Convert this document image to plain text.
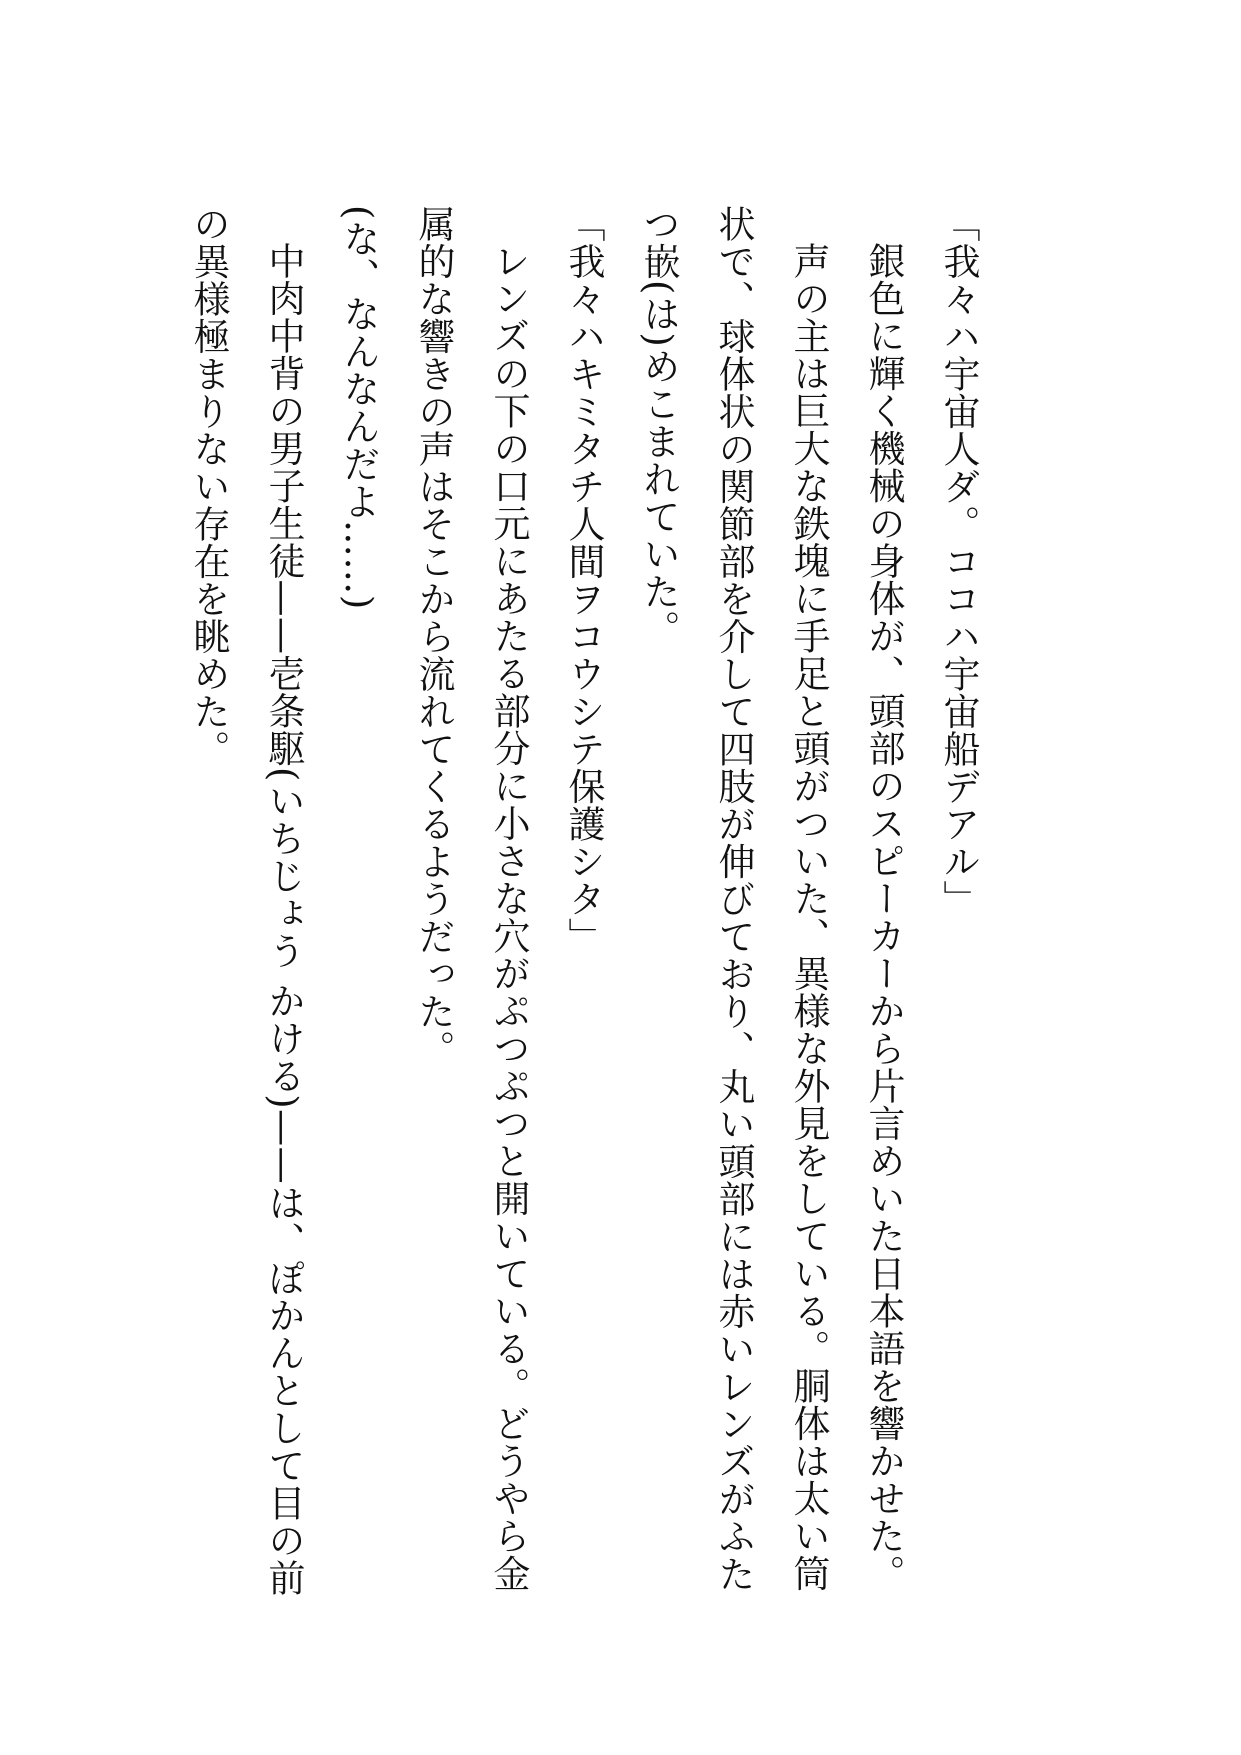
「我々ハ宇宙人ダ。ココハ宇宙船デアル」

銀色に輝く機械の身体が、頭部のスピーカーから片言めいた日本語を響かせた。

声の主は巨大な鉄塊に手足と頭がついた、異様な外見をしている。胴体は太い筒状で、球体状の関節部を介して四肢が伸びており、丸い頭部には赤いレンズがふたつ嵌(は)めこまれていた。

「我々ハキミタチ人間ヲコウシテ保護シタ」

レンズの下の口元にあたる部分に小さな穴がぷつぷつと開いている。どうやら金属的な響きの声はそこから流れてくるようだった。

(な、なんなんだよ……)

中肉中背の男子生徒——壱条駆(いちじょう かける)——は、ぽかんとして目の前の異様極まりない存在を眺めた。
